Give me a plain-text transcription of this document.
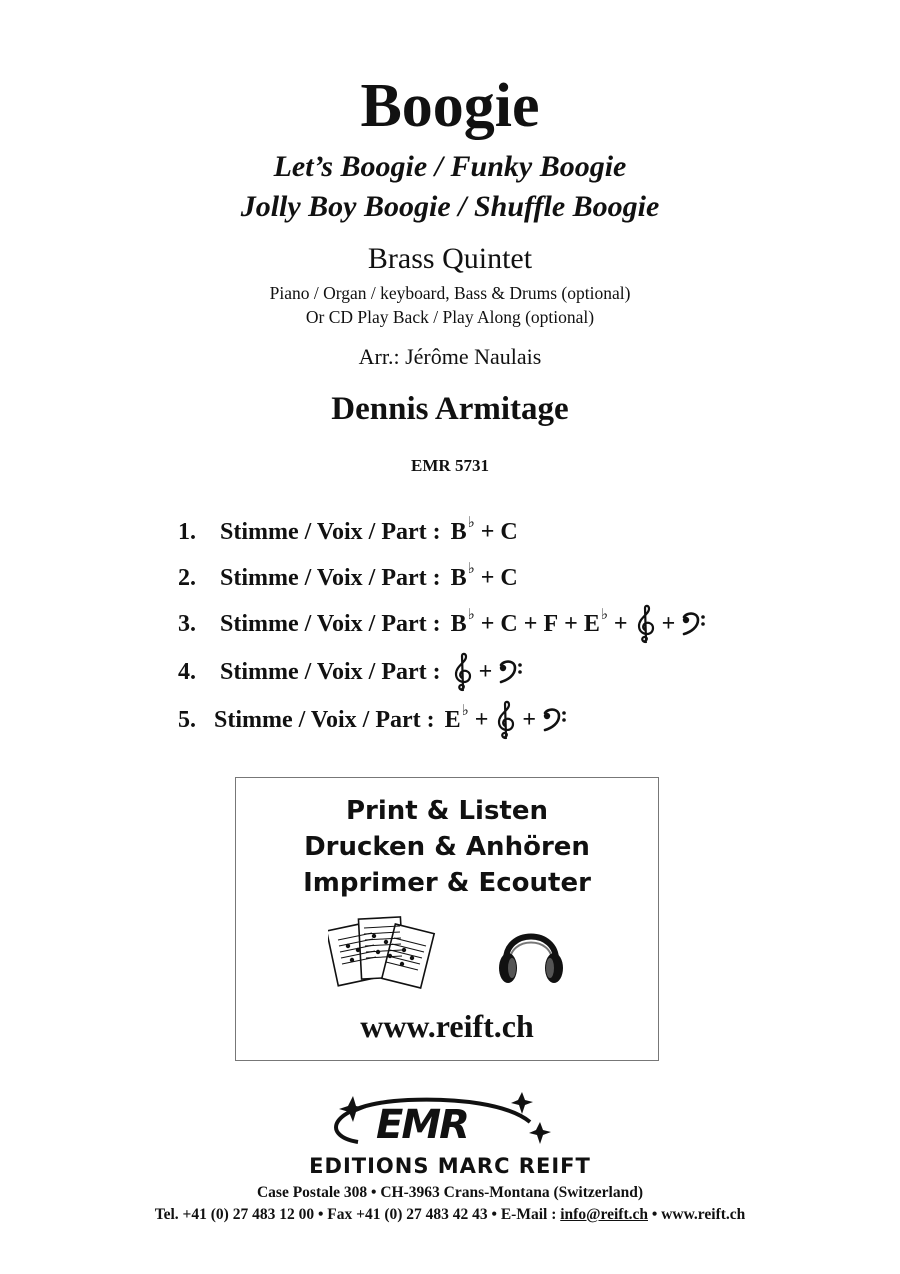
Boogie
Let’s Boogie / Funky Boogie
Jolly Boy Boogie / Shuffle Boogie
Brass Quintet
Piano / Organ / keyboard, Bass & Drums (optional)
Or CD Play Back / Play Along (optional)
Arr.: Jérôme Naulais
Dennis Armitage
EMR 5731
1.	Stimme / Voix / Part : B ♭
+
C
2.	Stimme / Voix / Part : B ♭
+
C
3.	Stimme / Voix / Part : B ♭
+
C
+
F
+
E ♭
+

+

4.	Stimme / Voix / Part :
+

5. Stimme / Voix / Part : E ♭
+

+

Print & Listen
Drucken & Anhören
Imprimer & Ecouter
www.reift.ch
EMR
EDITIONS MARC REIFT
Case Postale 308 • CH-3963 Crans-Montana (Switzerland)
Tel. +41 (0) 27 483 12 00 • Fax +41 (0) 27 483 42 43 • E-Mail : info@reift.ch • www.reift.ch
